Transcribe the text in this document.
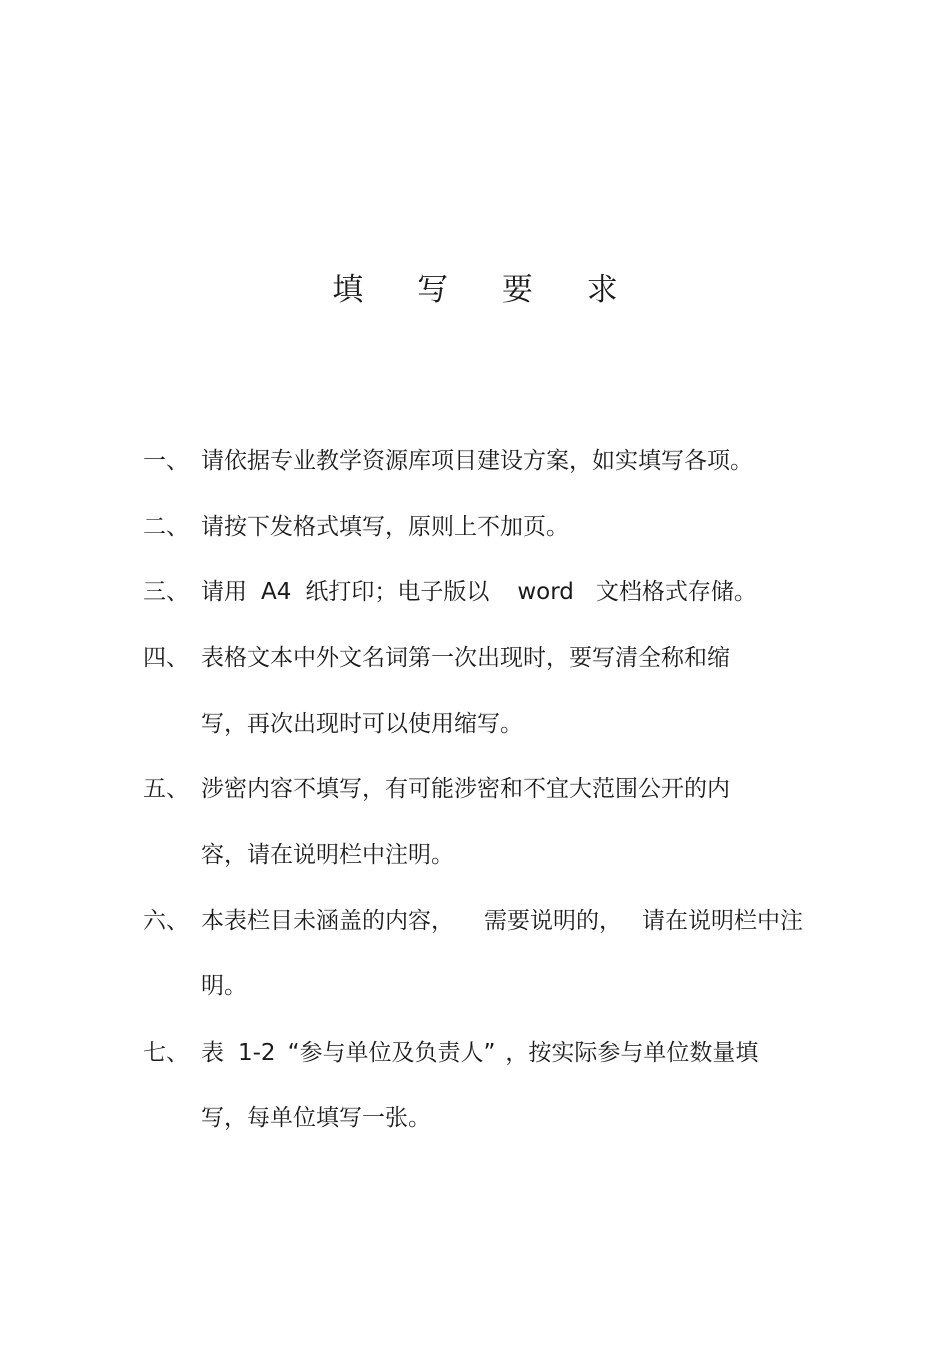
填 写 要 求
一、 请依据专业教学资源库项目建设方案，如实填写各项。
二、 请按下发格式填写，原则上不加页。
三、 请用 A4 纸打印；电子版以 word 文档格式存储。
四、 表格文本中外文名词第一次出现时，要写清全称和缩
写，再次出现时可以使用缩写。
五、 涉密内容不填写，有可能涉密和不宜大范围公开的内
容，请在说明栏中注明。
六、 本表栏目未涵盖的内容， 需要说明的， 请在说明栏中注
明。
七、 表 1-2 “参与单位及负责人” ，按实际参与单位数量填
写，每单位填写一张。
